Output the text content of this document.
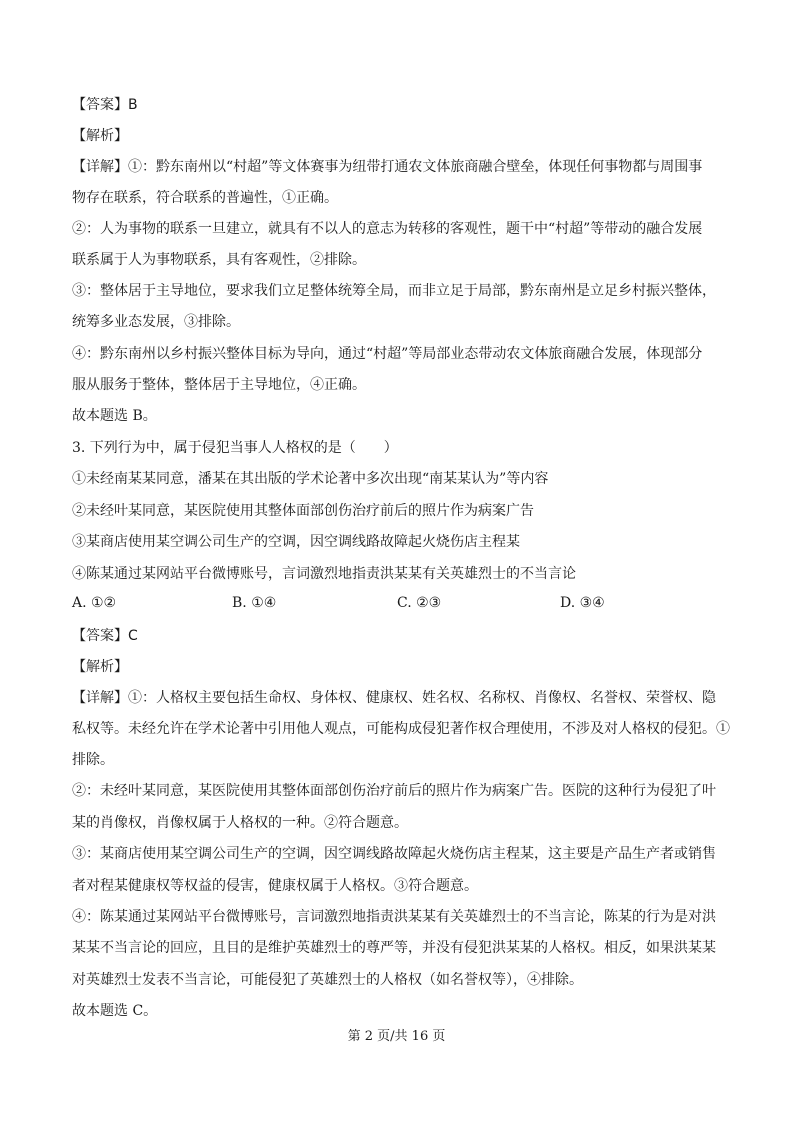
【答案】B
【解析】
【详解】①：黔东南州以“村超”等文体赛事为纽带打通农文体旅商融合壁垒，体现任何事物都与周围事
物存在联系，符合联系的普遍性，①正确。
②：人为事物的联系一旦建立，就具有不以人的意志为转移的客观性，题干中“村超”等带动的融合发展
联系属于人为事物联系，具有客观性，②排除。
③：整体居于主导地位，要求我们立足整体统筹全局，而非立足于局部，黔东南州是立足乡村振兴整体，
统筹多业态发展，③排除。
④：黔东南州以乡村振兴整体目标为导向，通过“村超”等局部业态带动农文体旅商融合发展，体现部分
服从服务于整体，整体居于主导地位，④正确。
故本题选 B。
3. 下列行为中，属于侵犯当事人人格权的是（　　）
①未经南某某同意，潘某在其出版的学术论著中多次出现“南某某认为”等内容
②未经叶某同意，某医院使用其整体面部创伤治疗前后的照片作为病案广告
③某商店使用某空调公司生产的空调，因空调线路故障起火烧伤店主程某
④陈某通过某网站平台微博账号，言词激烈地指责洪某某有关英雄烈士的不当言论
A. ①②	B. ①④	C. ②③	D. ③④
【答案】C
【解析】
【详解】①：人格权主要包括生命权、身体权、健康权、姓名权、名称权、肖像权、名誉权、荣誉权、隐
私权等。未经允许在学术论著中引用他人观点，可能构成侵犯著作权合理使用，不涉及对人格权的侵犯。①
排除。
②：未经叶某同意，某医院使用其整体面部创伤治疗前后的照片作为病案广告。医院的这种行为侵犯了叶
某的肖像权，肖像权属于人格权的一种。②符合题意。
③：某商店使用某空调公司生产的空调，因空调线路故障起火烧伤店主程某，这主要是产品生产者或销售
者对程某健康权等权益的侵害，健康权属于人格权。③符合题意。
④：陈某通过某网站平台微博账号，言词激烈地指责洪某某有关英雄烈士的不当言论，陈某的行为是对洪
某某不当言论的回应，且目的是维护英雄烈士的尊严等，并没有侵犯洪某某的人格权。相反，如果洪某某
对英雄烈士发表不当言论，可能侵犯了英雄烈士的人格权（如名誉权等），④排除。
故本题选 C。
第 2 页/共 16 页
